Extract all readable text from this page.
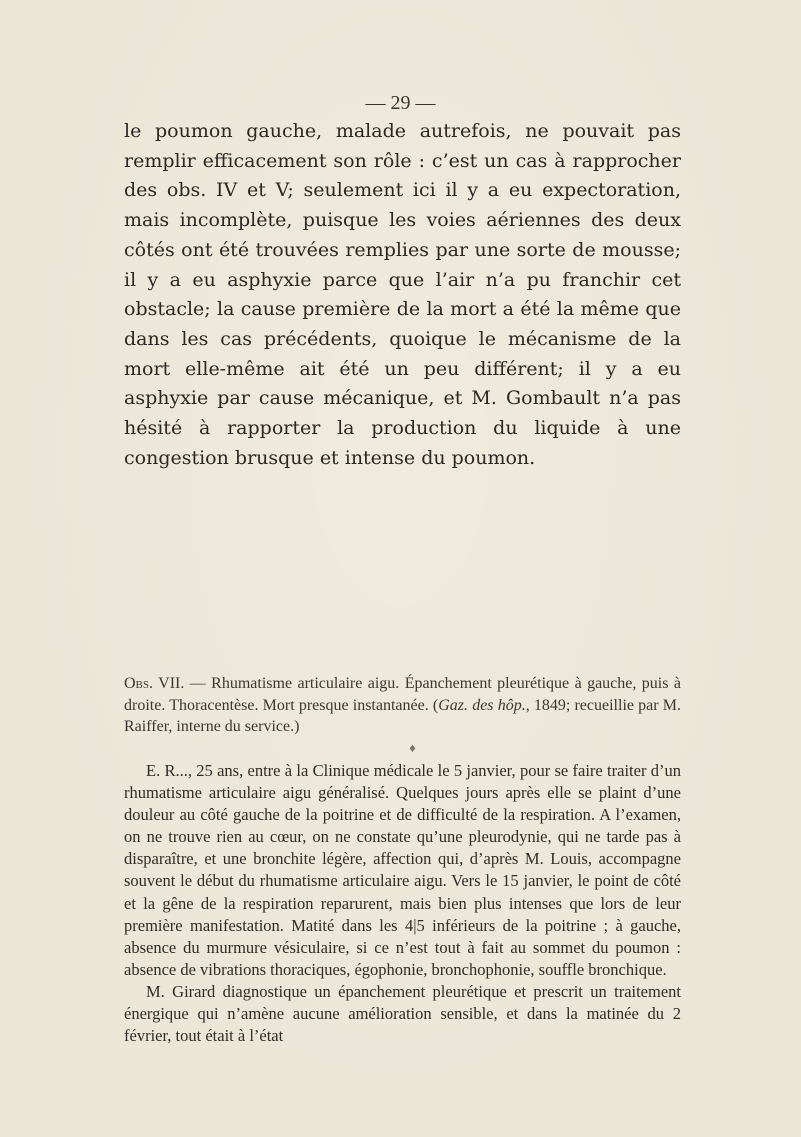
— 29 —

le poumon gauche, malade autrefois, ne pouvait pas remplir efficacement son rôle : c’est un cas à rapprocher des obs. IV et V; seulement ici il y a eu expectoration, mais incomplète, puisque les voies aériennes des deux côtés ont été trouvées remplies par une sorte de mousse; il y a eu asphyxie parce que l’air n’a pu franchir cet obstacle; la cause première de la mort a été la même que dans les cas précédents, quoique le mécanisme de la mort elle-même ait été un peu différent; il y a eu asphyxie par cause mécanique, et M. Gombault n’a pas hésité à rapporter la production du liquide à une congestion brusque et intense du poumon.

Obs. VII. — Rhumatisme articulaire aigu. Épanchement pleurétique à gauche, puis à droite. Thoracentèse. Mort presque instantanée. (Gaz. des hôp., 1849; recueillie par M. Raiffer, interne du service.)
♦

E. R..., 25 ans, entre à la Clinique médicale le 5 janvier, pour se faire traiter d’un rhumatisme articulaire aigu généralisé. Quelques jours après elle se plaint d’une douleur au côté gauche de la poitrine et de difficulté de la respiration. A l’examen, on ne trouve rien au cœur, on ne constate qu’une pleurodynie, qui ne tarde pas à disparaître, et une bronchite légère, affection qui, d’après M. Louis, accompagne souvent le début du rhumatisme articulaire aigu. Vers le 15 janvier, le point de côté et la gêne de la respiration reparurent, mais bien plus intenses que lors de leur première manifestation. Matité dans les 4|5 inférieurs de la poitrine ; à gauche, absence du murmure vésiculaire, si ce n’est tout à fait au sommet du poumon : absence de vibrations thoraciques, égophonie, bronchophonie, souffle bronchique.

M. Girard diagnostique un épanchement pleurétique et prescrit un traitement énergique qui n’amène aucune amélioration sensible, et dans la matinée du 2 février, tout était à l’état
